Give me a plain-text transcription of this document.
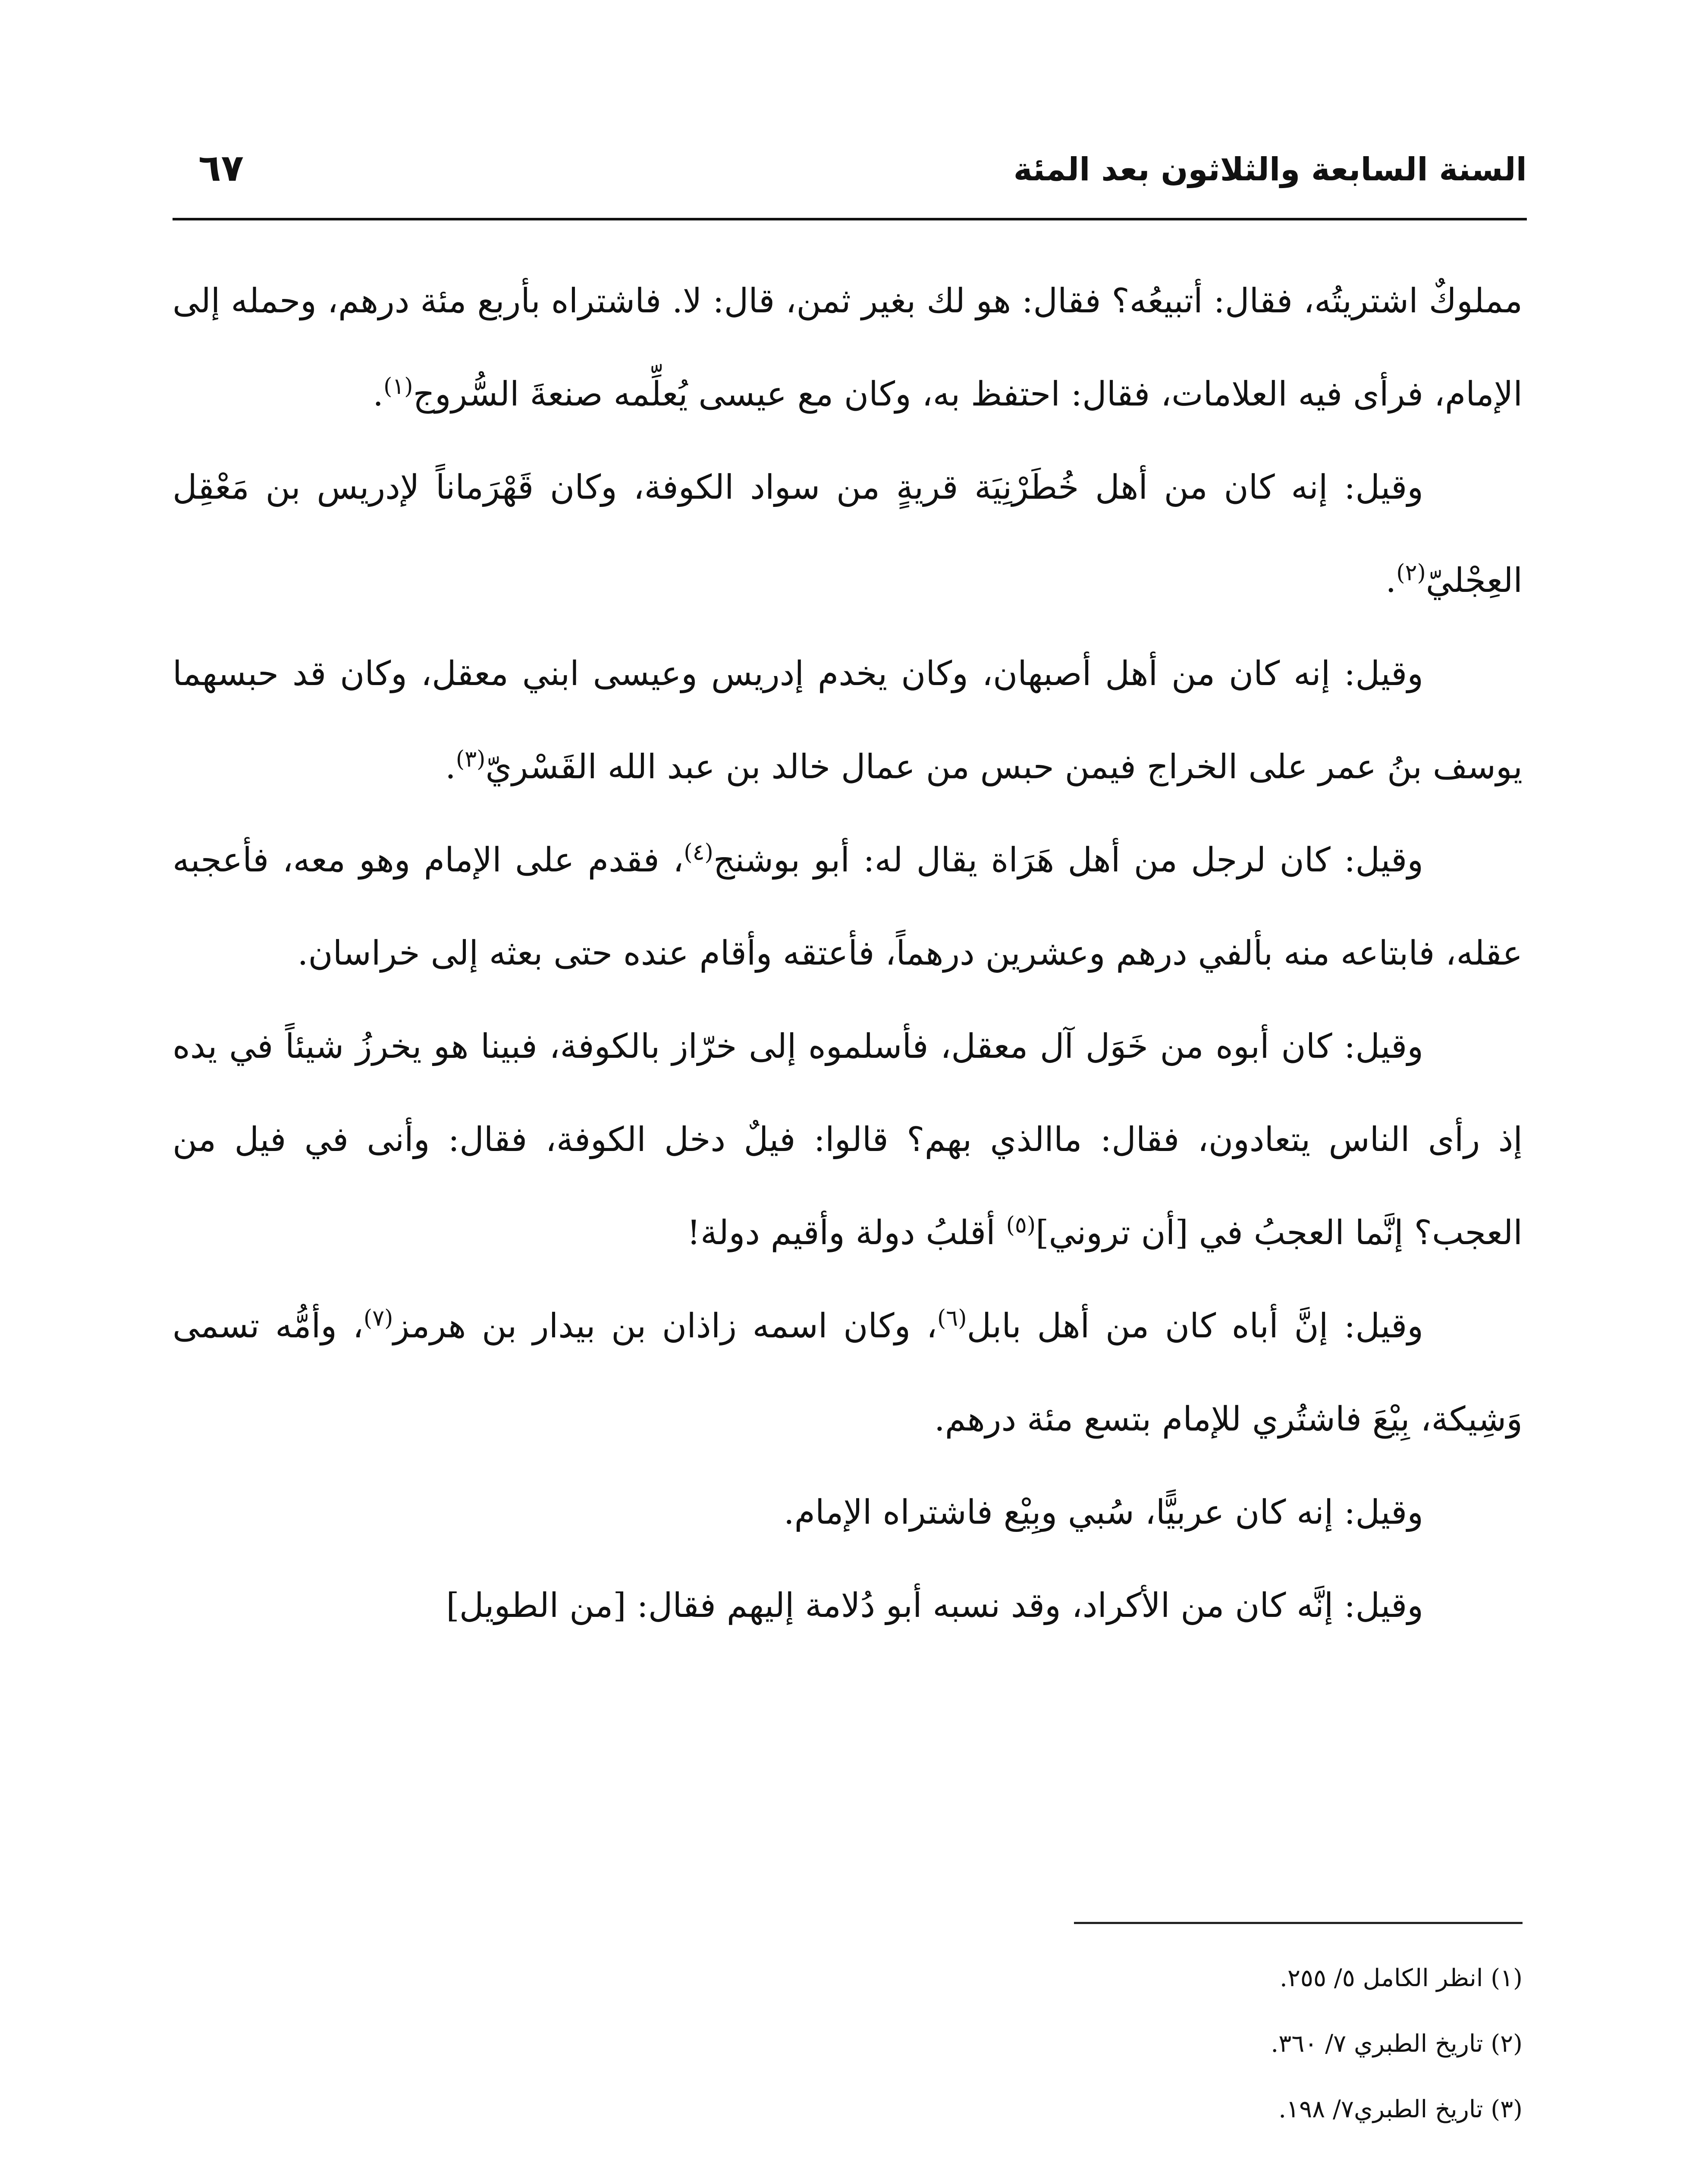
السنة السابعة والثلاثون بعد المئة
٦٧

مملوكٌ اشتريتُه، فقال: أتبيعُه؟ فقال: هو لك بغير ثمن، قال: لا. فاشتراه بأربع مئة درهم، وحمله إلى الإمام، فرأى فيه العلامات، فقال: احتفظ به، وكان مع عيسى يُعلِّمه صنعةَ السُّروج$^{(١)}$.

وقيل: إنه كان من أهل خُطَرْنِيَة قريةٍ من سواد الكوفة، وكان قَهْرَماناً لإدريس بن مَعْقِل العِجْليّ$^{(٢)}$.

وقيل: إنه كان من أهل أصبهان، وكان يخدم إدريس وعيسى ابني معقل، وكان قد حبسهما يوسف بنُ عمر على الخراج فيمن حبس من عمال خالد بن عبد الله القَسْريّ$^{(٣)}$.

وقيل: كان لرجل من أهل هَرَاة يقال له: أبو بوشنج$^{(٤)}$، فقدم على الإمام وهو معه، فأعجبه عقله، فابتاعه منه بألفي درهم وعشرين درهماً، فأعتقه وأقام عنده حتى بعثه إلى خراسان.

وقيل: كان أبوه من خَوَل آل معقل، فأسلموه إلى خرّاز بالكوفة، فبينا هو يخرزُ شيئاً في يده إذ رأى الناس يتعادون، فقال: ماالذي بهم؟ قالوا: فيلٌ دخل الكوفة، فقال: وأنى في فيل من العجب؟ إنَّما العجبُ في [أن تروني]$^{(٥)}$ أقلبُ دولة وأقيم دولة!

وقيل: إنَّ أباه كان من أهل بابل$^{(٦)}$، وكان اسمه زاذان بن بيدار بن هرمز$^{(٧)}$، وأمُّه تسمى وَشِيكة، بِيْعَ فاشتُري للإمام بتسع مئة درهم.

وقيل: إنه كان عربيًّا، سُبي وبِيْع فاشتراه الإمام.

وقيل: إنَّه كان من الأكراد، وقد نسبه أبو دُلامة إليهم فقال: [من الطويل]

(١) انظر الكامل ٥/ ٢٥٥.

(٢) تاريخ الطبري ٧/ ٣٦٠.

(٣) تاريخ الطبري٧/ ١٩٨.
